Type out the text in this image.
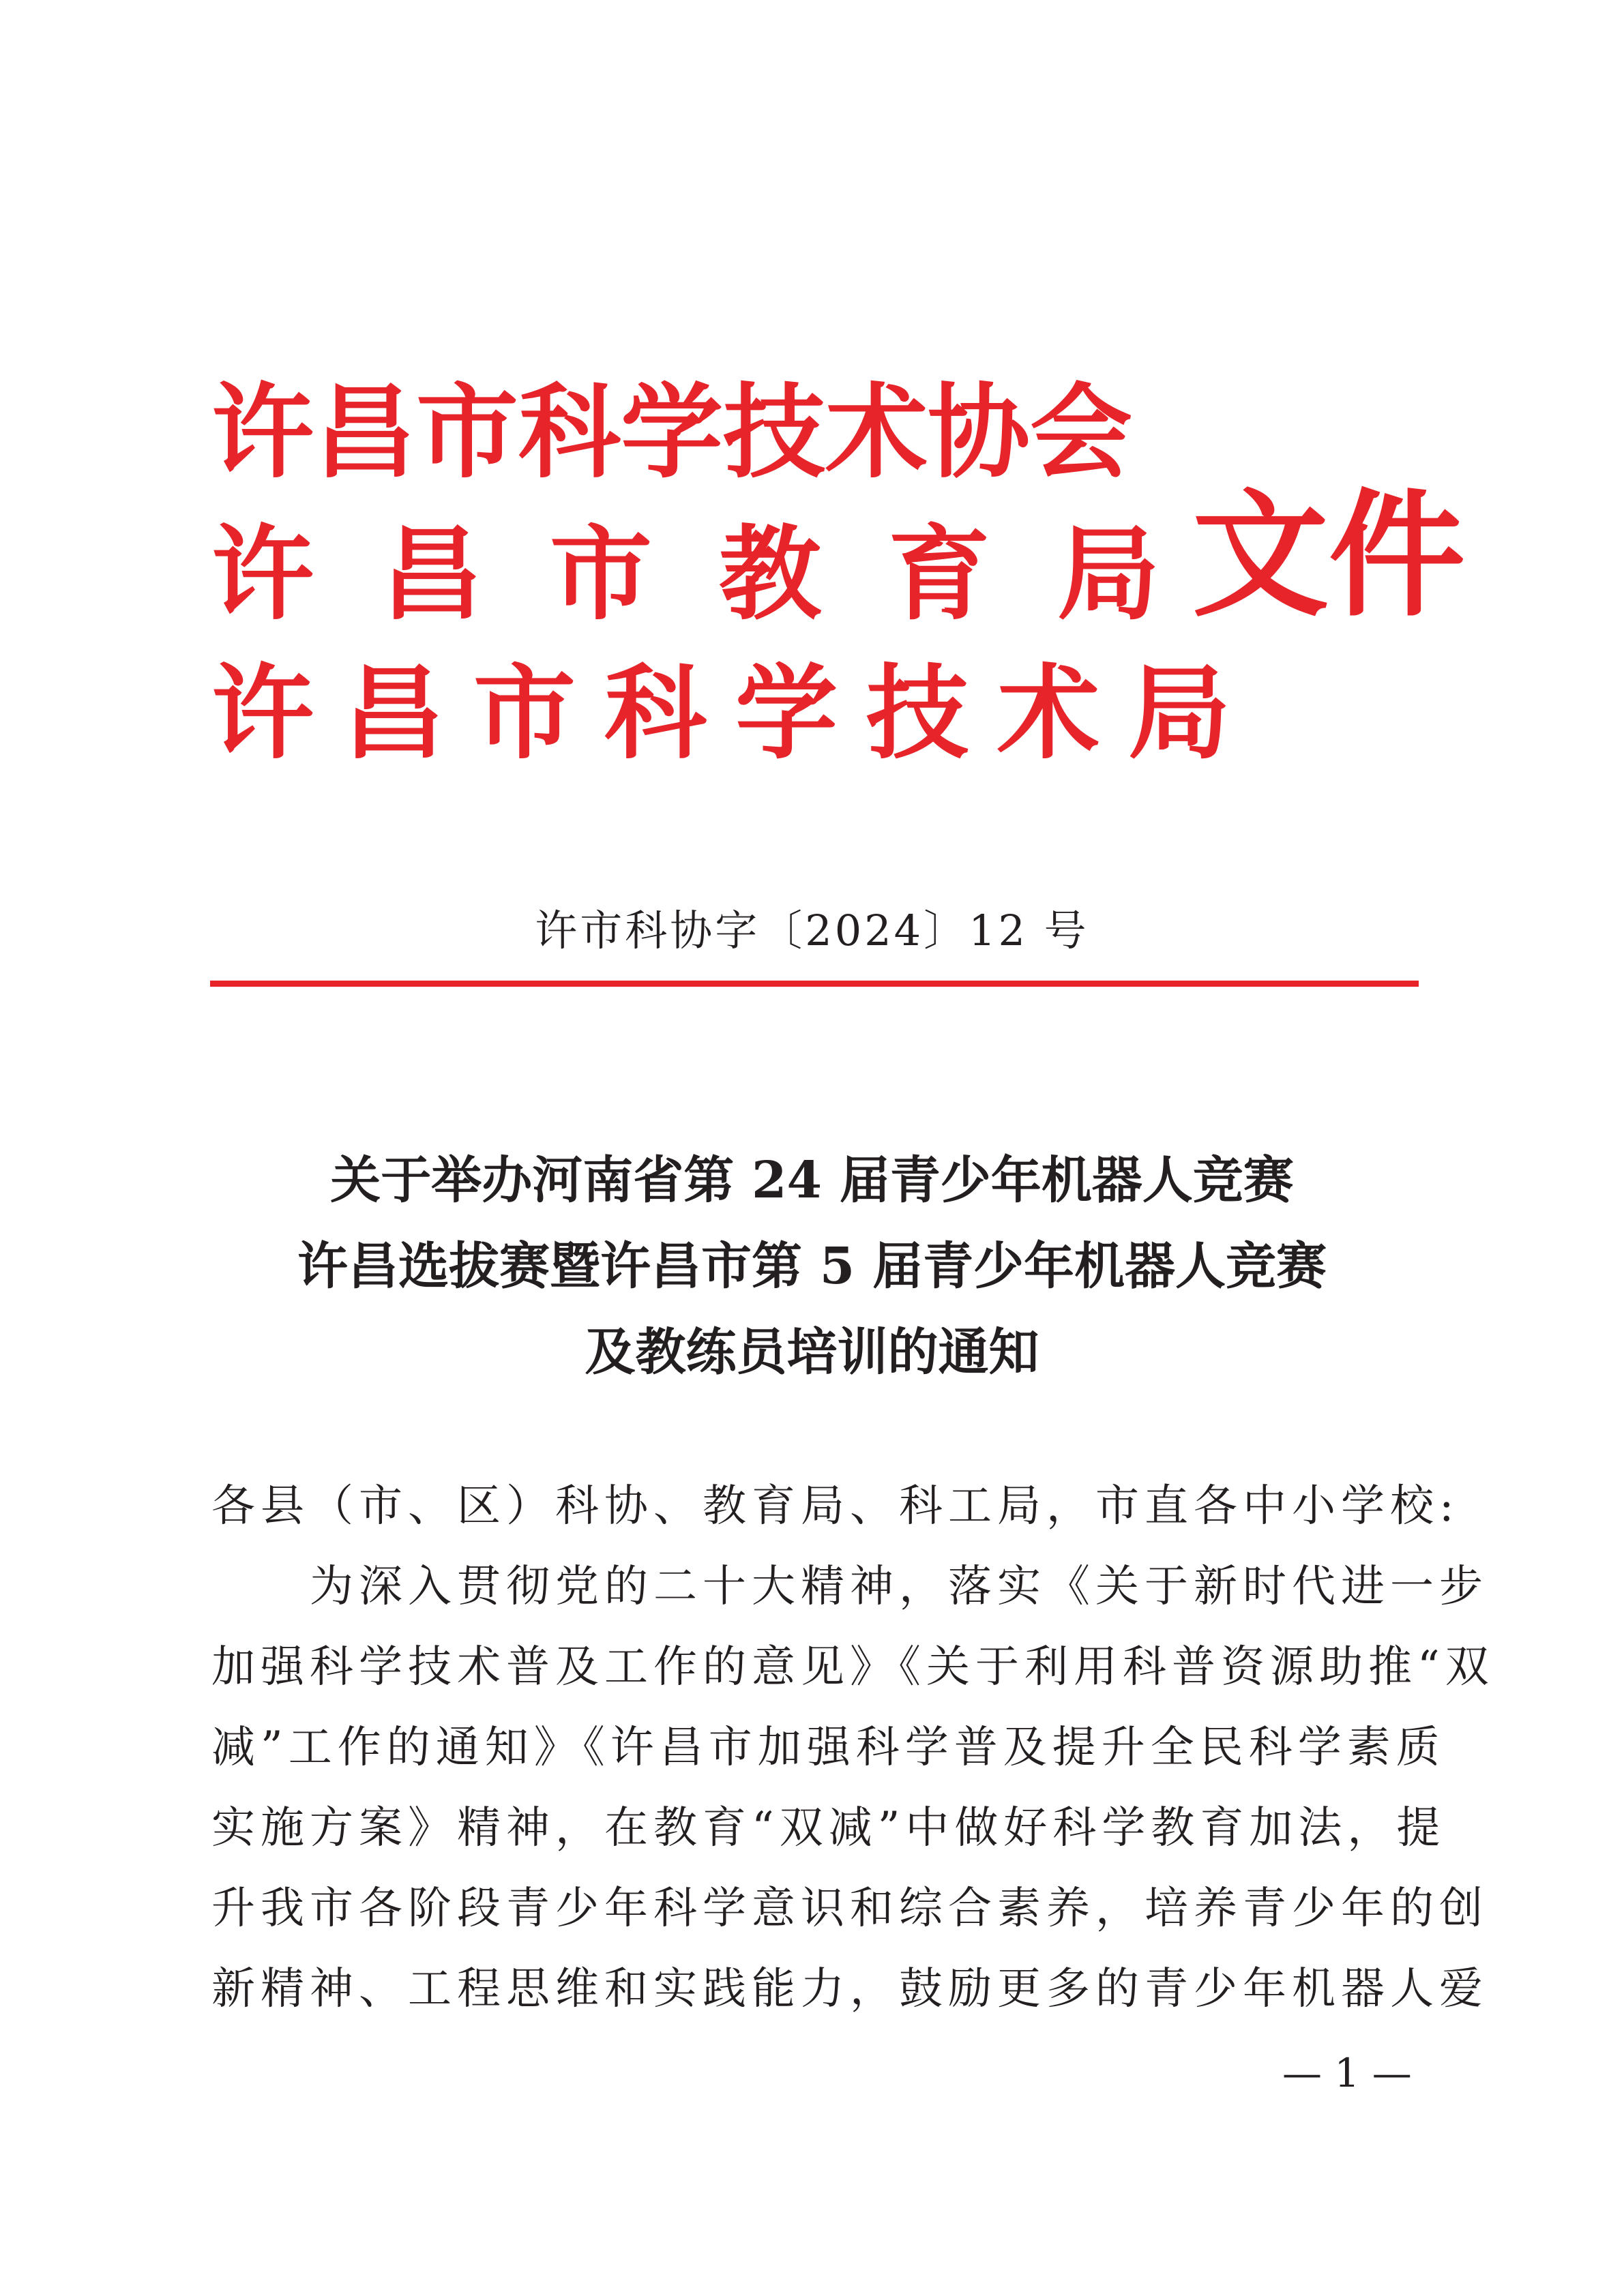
许昌市科学技术协会
许昌市教育局
许昌市科学技术局
文件
许市科协字〔2024〕12 号
关于举办河南省第 24 届青少年机器人竞赛
许昌选拔赛暨许昌市第 5 届青少年机器人竞赛
及教练员培训的通知
各县（市、区）科协、教育局、科工局，市直各中小学校:
　　为深入贯彻党的二十大精神，落实《关于新时代进一步
加强科学技术普及工作的意见》《关于利用科普资源助推“双
减”工作的通知》《许昌市加强科学普及提升全民科学素质
实施方案》精神，在教育“双减”中做好科学教育加法，提
升我市各阶段青少年科学意识和综合素养，培养青少年的创
新精神、工程思维和实践能力，鼓励更多的青少年机器人爱
— 1 —
